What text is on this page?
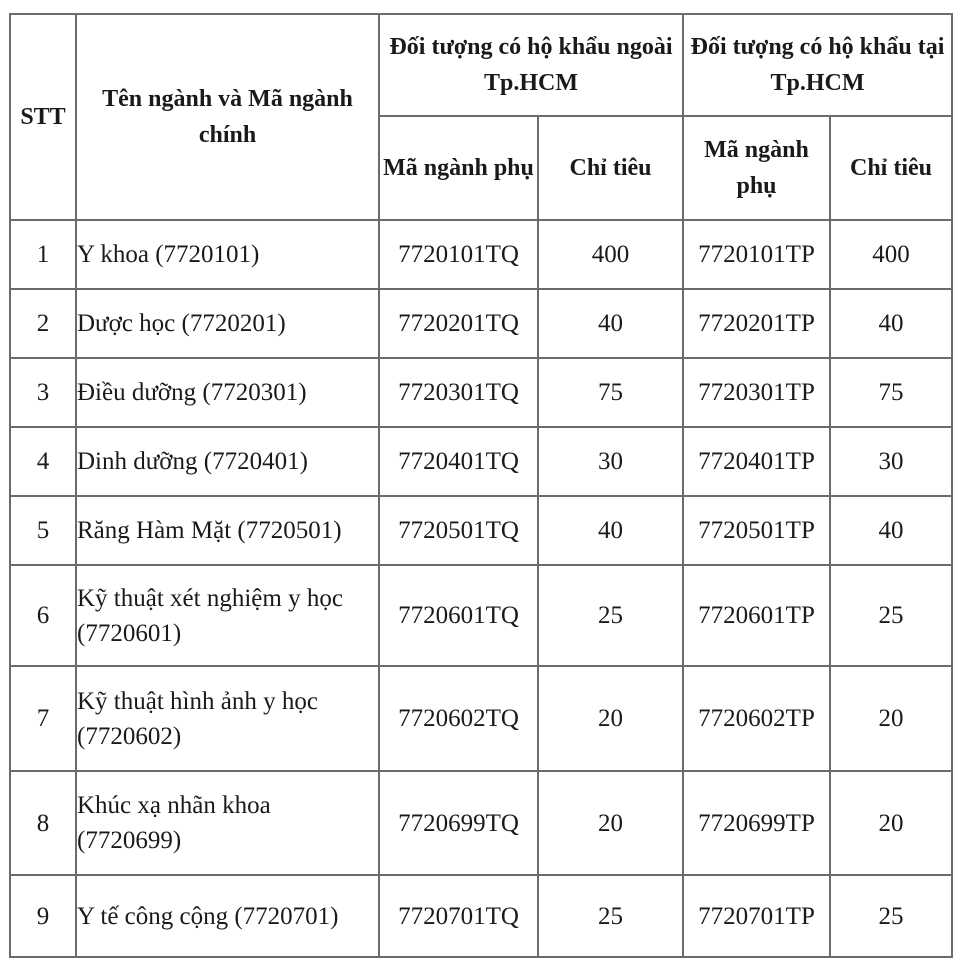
STT	Tên ngành và Mã ngành chính	Đối tượng có hộ khẩu ngoài Tp.HCM		Đối tượng có hộ khẩu tại Tp.HCM	
		Mã ngành phụ	Chỉ tiêu	Mã ngành phụ	Chỉ tiêu
1	Y khoa (7720101)	7720101TQ	400	7720101TP	400
2	Dược học (7720201)	7720201TQ	40	7720201TP	40
3	Điều dưỡng (7720301)	7720301TQ	75	7720301TP	75
4	Dinh dưỡng (7720401)	7720401TQ	30	7720401TP	30
5	Răng Hàm Mặt (7720501)	7720501TQ	40	7720501TP	40
6	Kỹ thuật xét nghiệm y học (7720601)	7720601TQ	25	7720601TP	25
7	Kỹ thuật hình ảnh y học (7720602)	7720602TQ	20	7720602TP	20
8	Khúc xạ nhãn khoa (7720699)	7720699TQ	20	7720699TP	20
9	Y tế công cộng (7720701)	7720701TQ	25	7720701TP	25
